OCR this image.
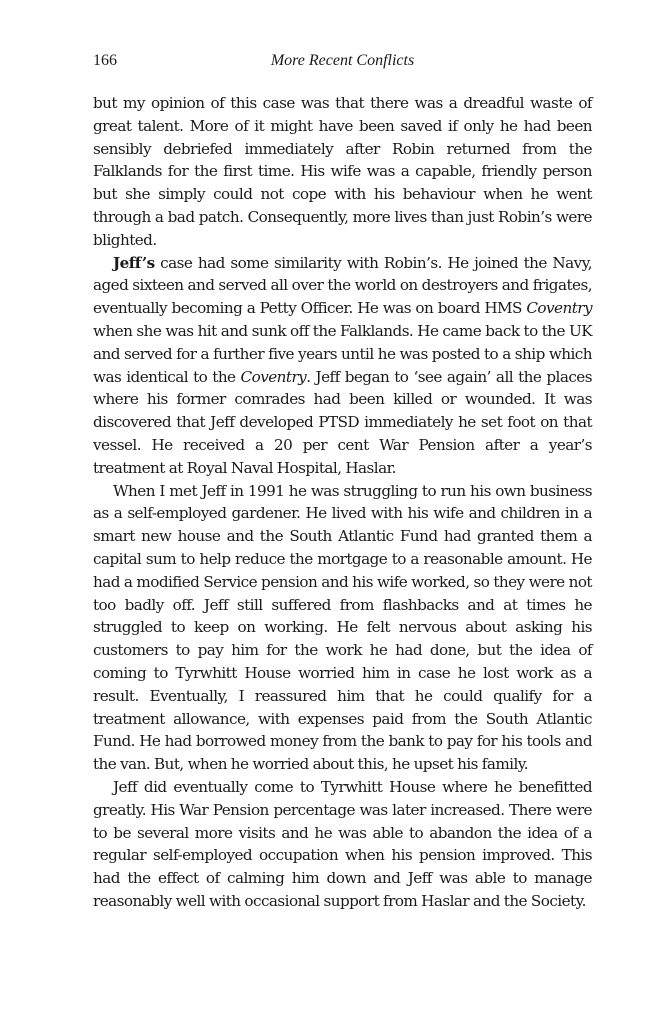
166	More Recent Conflicts

but my opinion of this case was that there was a dreadful waste of great talent. More of it might have been saved if only he had been sensibly debriefed immediately after Robin returned from the Falklands for the first time. His wife was a capable, friendly person but she simply could not cope with his behaviour when he went through a bad patch. Consequently, more lives than just Robin’s were blighted.

Jeff’s case had some similarity with Robin’s. He joined the Navy, aged sixteen and served all over the world on destroyers and frigates, eventually becoming a Petty Officer. He was on board HMS Coventry when she was hit and sunk off the Falklands. He came back to the UK and served for a further five years until he was posted to a ship which was identical to the Coventry. Jeff began to ‘see again’ all the places where his former comrades had been killed or wounded. It was discovered that Jeff developed PTSD immediately he set foot on that vessel. He received a 20 per cent War Pension after a year’s treatment at Royal Naval Hospital, Haslar.

When I met Jeff in 1991 he was struggling to run his own business as a self-employed gardener. He lived with his wife and children in a smart new house and the South Atlantic Fund had granted them a capital sum to help reduce the mortgage to a reasonable amount. He had a modified Service pension and his wife worked, so they were not too badly off. Jeff still suffered from flashbacks and at times he struggled to keep on working. He felt nervous about asking his customers to pay him for the work he had done, but the idea of coming to Tyrwhitt House worried him in case he lost work as a result. Eventually, I reassured him that he could qualify for a treatment allowance, with expenses paid from the South Atlantic Fund. He had borrowed money from the bank to pay for his tools and the van. But, when he worried about this, he upset his family.

Jeff did eventually come to Tyrwhitt House where he benefitted greatly. His War Pension percentage was later increased. There were to be several more visits and he was able to abandon the idea of a regular self-employed occupation when his pension improved. This had the effect of calming him down and Jeff was able to manage reasonably well with occasional support from Haslar and the Society.
